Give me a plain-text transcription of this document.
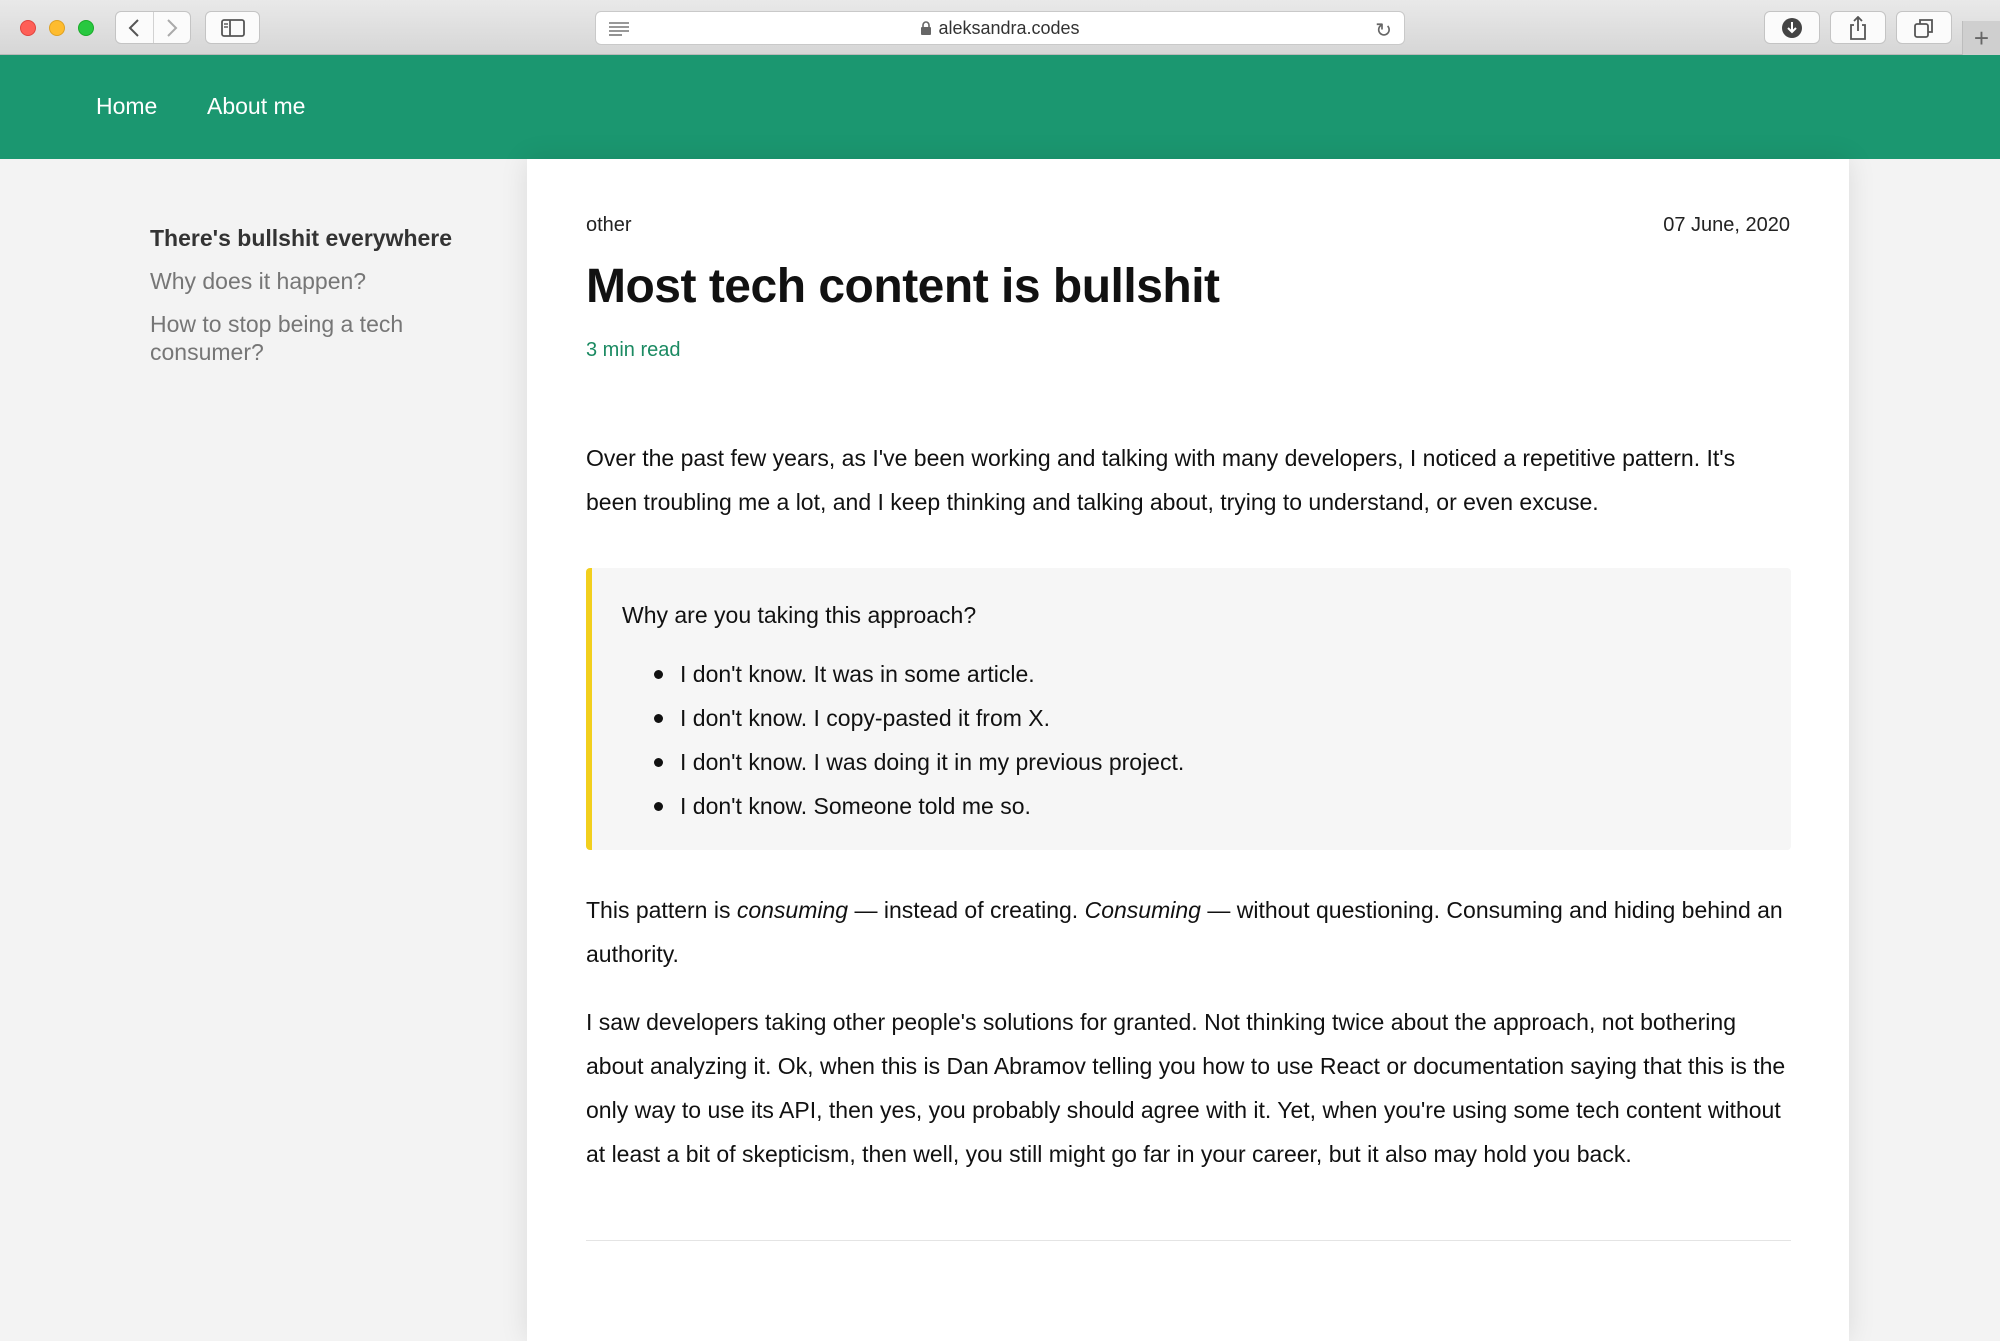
aleksandra.codes	↻	+
Home About me
There's bullshit everywhere
Why does it happen?
How to stop being a tech consumer?
other	07 June, 2020
Most tech content is bullshit
3 min read

Over the past few years, as I've been working and talking with many developers, I noticed a repetitive pattern. It's been troubling me a lot, and I keep thinking and talking about, trying to understand, or even excuse.

Why are you taking this approach?
I don't know. It was in some article.
I don't know. I copy-pasted it from X.
I don't know. I was doing it in my previous project.
I don't know. Someone told me so.

This pattern is consuming — instead of creating. Consuming — without questioning. Consuming and hiding behind an authority.

I saw developers taking other people's solutions for granted. Not thinking twice about the approach, not bothering about analyzing it. Ok, when this is Dan Abramov telling you how to use React or documentation saying that this is the only way to use its API, then yes, you probably should agree with it. Yet, when you're using some tech content without at least a bit of skepticism, then well, you still might go far in your career, but it also may hold you back.
